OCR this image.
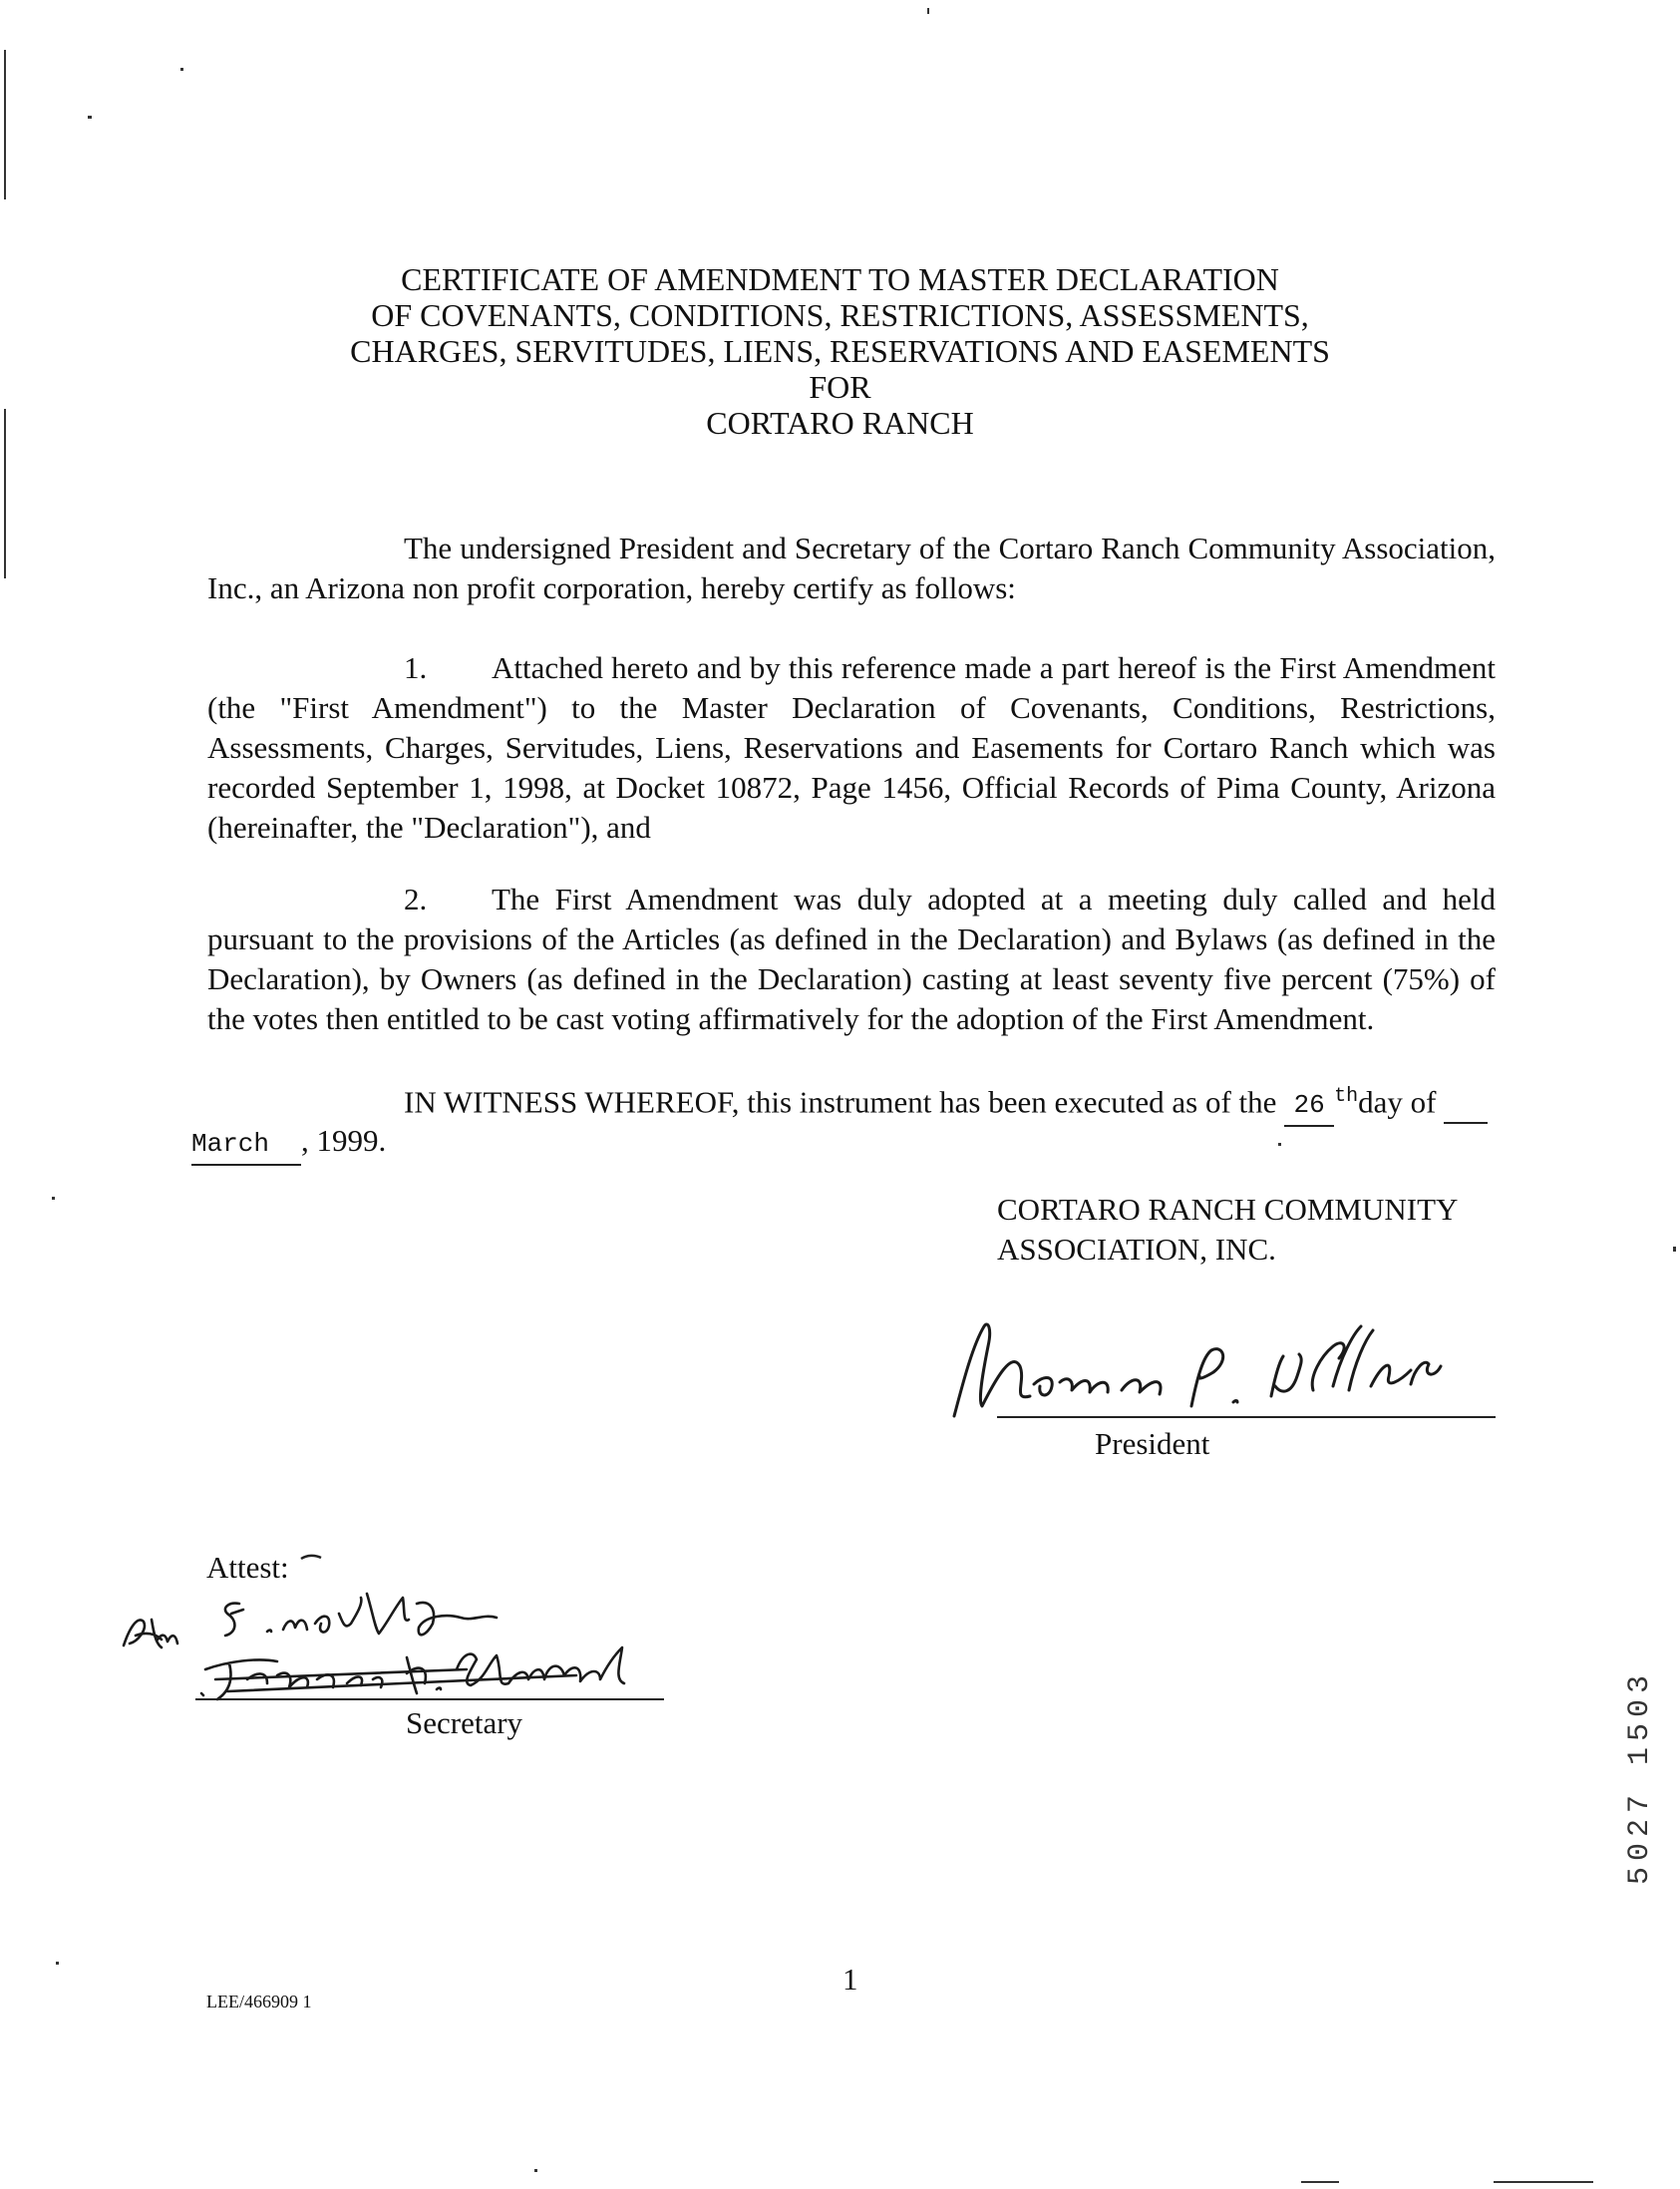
CERTIFICATE OF AMENDMENT TO MASTER DECLARATION
OF COVENANTS, CONDITIONS, RESTRICTIONS, ASSESSMENTS,
CHARGES, SERVITUDES, LIENS, RESERVATIONS AND EASEMENTS
FOR
CORTARO RANCH
The undersigned President and Secretary of the Cortaro Ranch Community Association, Inc., an Arizona non profit corporation, hereby certify as follows:
1. Attached hereto and by this reference made a part hereof is the First Amendment (the "First Amendment") to the Master Declaration of Covenants, Conditions, Restrictions, Assessments, Charges, Servitudes, Liens, Reservations and Easements for Cortaro Ranch which was recorded September 1, 1998, at Docket 10872, Page 1456, Official Records of Pima County, Arizona (hereinafter, the "Declaration"), and
2. The First Amendment was duly adopted at a meeting duly called and held pursuant to the provisions of the Articles (as defined in the Declaration) and Bylaws (as defined in the Declaration), by Owners (as defined in the Declaration) casting at least seventy five percent (75%) of the votes then entitled to be cast voting affirmatively for the adoption of the First Amendment.
IN WITNESS WHEREOF, this instrument has been executed as of the 26 $^{th}$day of
March , 1999.
CORTARO RANCH COMMUNITY
ASSOCIATION, INC.
President
Attest:
Secretary
1
LEE/466909 1
5027 1503
